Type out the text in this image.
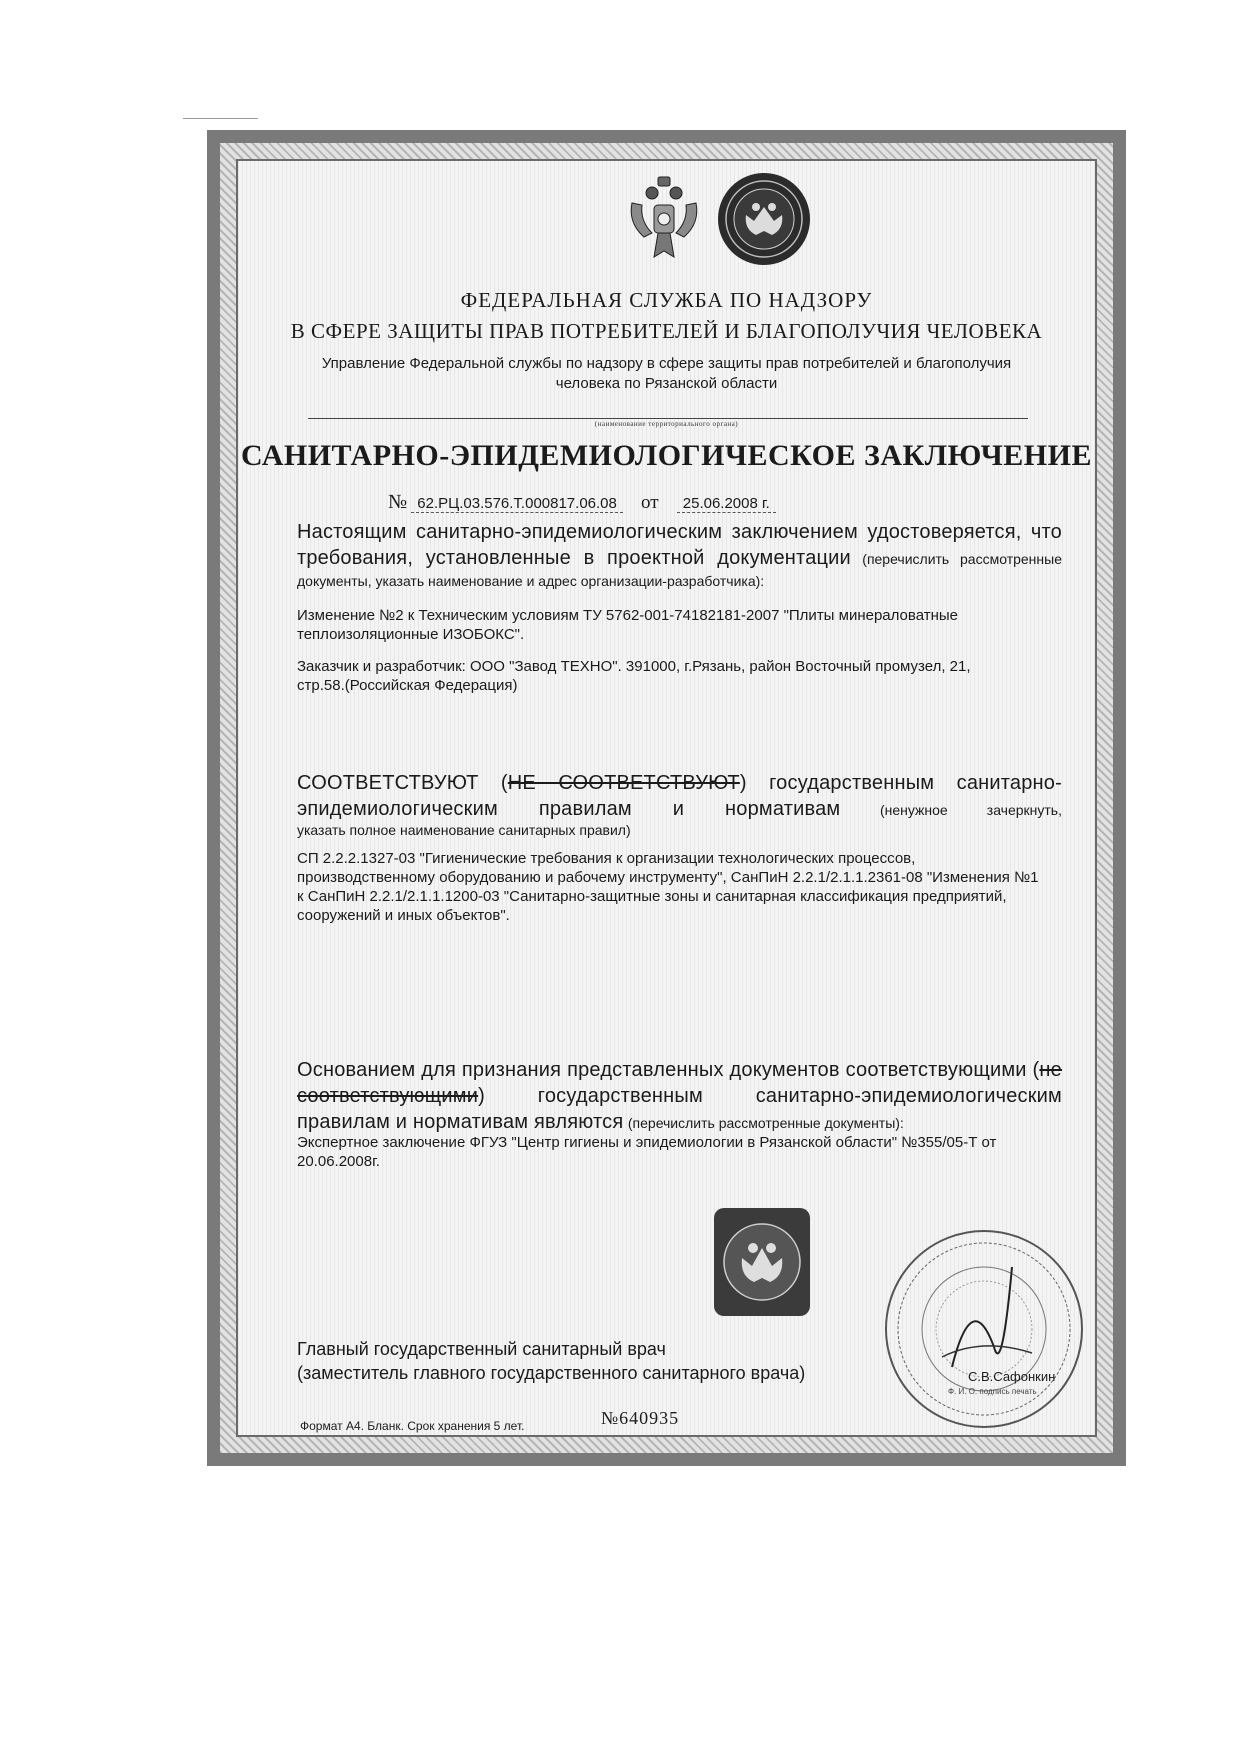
ФЕДЕРАЛЬНАЯ СЛУЖБА ПО НАДЗОРУ
В СФЕРЕ ЗАЩИТЫ ПРАВ ПОТРЕБИТЕЛЕЙ И БЛАГОПОЛУЧИЯ ЧЕЛОВЕКА
Управление Федеральной службы по надзору в сфере защиты прав потребителей и благополучия
человека по Рязанской области
(наименование территориального органа)
САНИТАРНО-ЭПИДЕМИОЛОГИЧЕСКОЕ ЗАКЛЮЧЕНИЕ
№ 62.РЦ.03.576.Т.000817.06.08 от 25.06.2008 г.
Настоящим санитарно-эпидемиологическим заключением удостоверяется, что
требования, установленные в проектной документации (перечислить рассмотренные
документы, указать наименование и адрес организации-разработчика):
Изменение №2 к Техническим условиям ТУ 5762-001-74182181-2007 "Плиты минераловатные теплоизоляционные ИЗОБОКС".
Заказчик и разработчик: ООО "Завод ТЕХНО". 391000, г.Рязань, район Восточный промузел, 21, стр.58.(Российская Федерация)
СООТВЕТСТВУЮТ (НЕ СООТВЕТСТВУЮТ) государственным санитарно-
эпидемиологическим правилам и нормативам	(ненужное зачеркнуть,
указать полное наименование санитарных правил)
СП 2.2.2.1327-03 "Гигиенические требования к организации технологических процессов, производственному оборудованию и рабочему инструменту", СанПиН 2.2.1/2.1.1.2361-08 "Изменения №1 к СанПиН 2.2.1/2.1.1.1200-03 "Санитарно-защитные зоны и санитарная классификация предприятий, сооружений и иных объектов".
Основанием для признания представленных документов соответствующими (не
соответствующими) государственным санитарно-эпидемиологическим
правилам и нормативам являются (перечислить рассмотренные документы):
Экспертное заключение ФГУЗ "Центр гигиены и эпидемиологии в Рязанской области" №355/05-Т от 20.06.2008г.
Главный государственный санитарный врач
(заместитель главного государственного санитарного врача)	С.В.Сафонкин
Ф. И. О. подпись печать
Формат А4. Бланк. Срок хранения 5 лет.	№640935
